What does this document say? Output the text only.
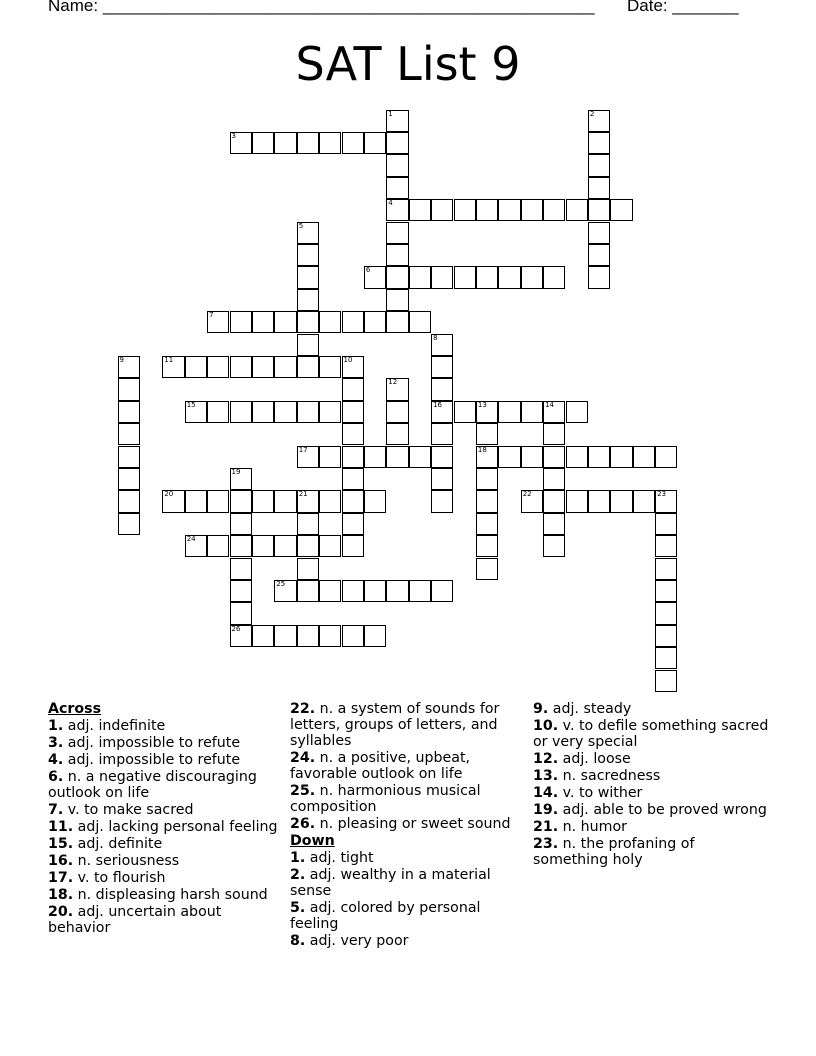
Name: ____________________________________________________ Date: _______
SAT List 9
3
4
6
7
11	10
15	16	13	14
17	18
20	21	22	23
24
25
26
1	2
5
8
9
12
19
Across
1. adj. indefinite
3. adj. impossible to refute
4. adj. impossible to refute
6. n. a negative discouraging outlook on life
7. v. to make sacred
11. adj. lacking personal feeling
15. adj. definite
16. n. seriousness
17. v. to flourish
18. n. displeasing harsh sound
20. adj. uncertain about behavior
22. n. a system of sounds for letters, groups of letters, and syllables
24. n. a positive, upbeat, favorable outlook on life
25. n. harmonious musical composition
26. n. pleasing or sweet sound
Down
1. adj. tight
2. adj. wealthy in a material sense
5. adj. colored by personal feeling
8. adj. very poor
9. adj. steady
10. v. to defile something sacred or very special
12. adj. loose
13. n. sacredness
14. v. to wither
19. adj. able to be proved wrong
21. n. humor
23. n. the profaning of something holy
